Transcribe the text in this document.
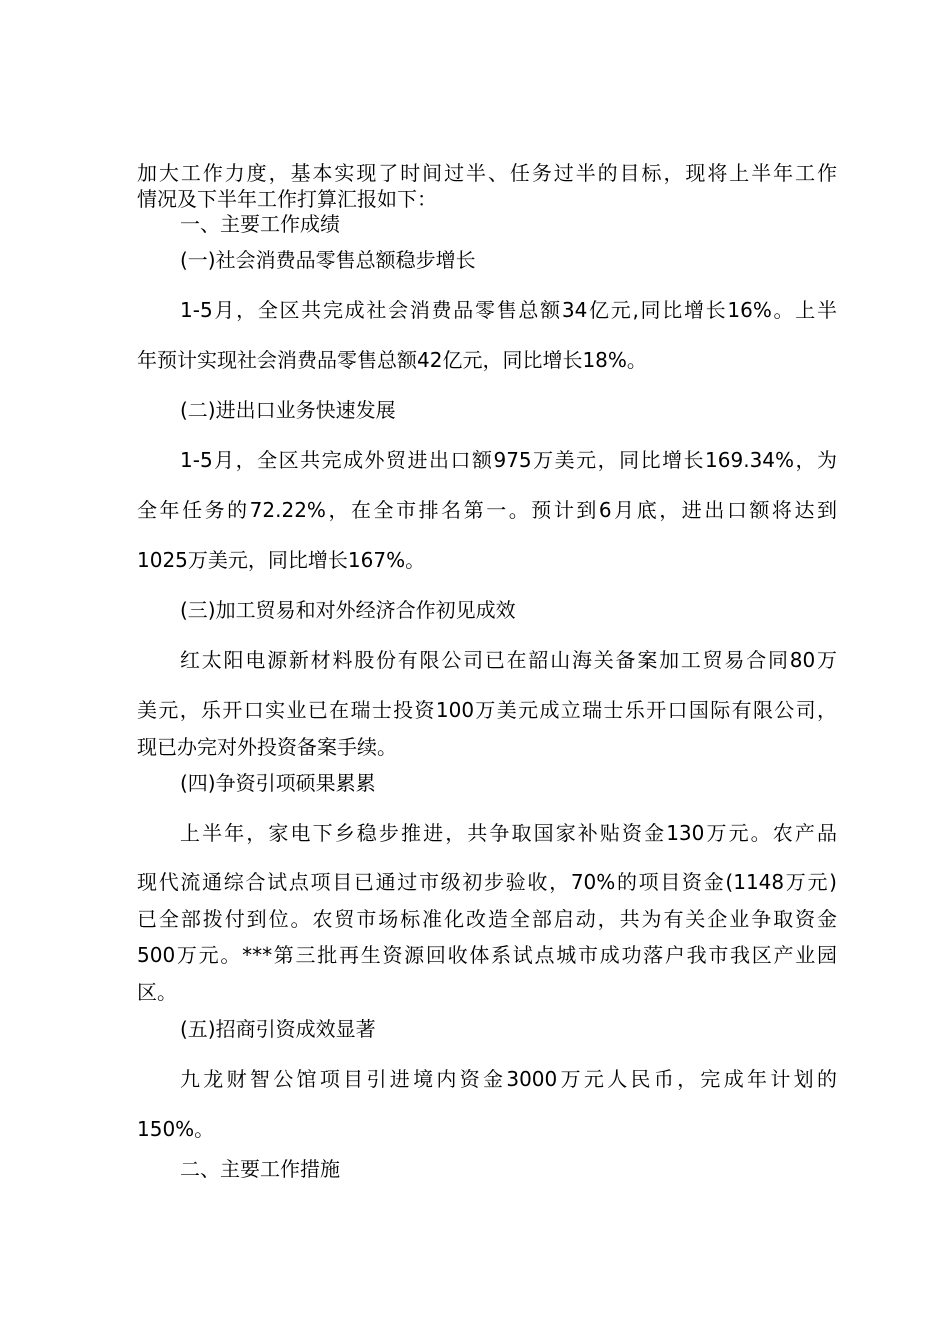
加大工作力度，基本实现了时间过半、任务过半的目标，现将上半年工作
情况及下半年工作打算汇报如下：
一、主要工作成绩
(一)社会消费品零售总额稳步增长
1-5月，全区共完成社会消费品零售总额34亿元,同比增长16%。上半
年预计实现社会消费品零售总额42亿元，同比增长18%。
(二)进出口业务快速发展
1-5月，全区共完成外贸进出口额975万美元，同比增长169.34%，为
全年任务的72.22%，在全市排名第一。预计到6月底，进出口额将达到
1025万美元，同比增长167%。
(三)加工贸易和对外经济合作初见成效
红太阳电源新材料股份有限公司已在韶山海关备案加工贸易合同80万
美元，乐开口实业已在瑞士投资100万美元成立瑞士乐开口国际有限公司，
现已办完对外投资备案手续。
(四)争资引项硕果累累
上半年，家电下乡稳步推进，共争取国家补贴资金130万元。农产品
现代流通综合试点项目已通过市级初步验收，70%的项目资金(1148万元)
已全部拨付到位。农贸市场标准化改造全部启动，共为有关企业争取资金
500万元。***第三批再生资源回收体系试点城市成功落户我市我区产业园
区。
(五)招商引资成效显著
九龙财智公馆项目引进境内资金3000万元人民币，完成年计划的
150%。
二、主要工作措施
